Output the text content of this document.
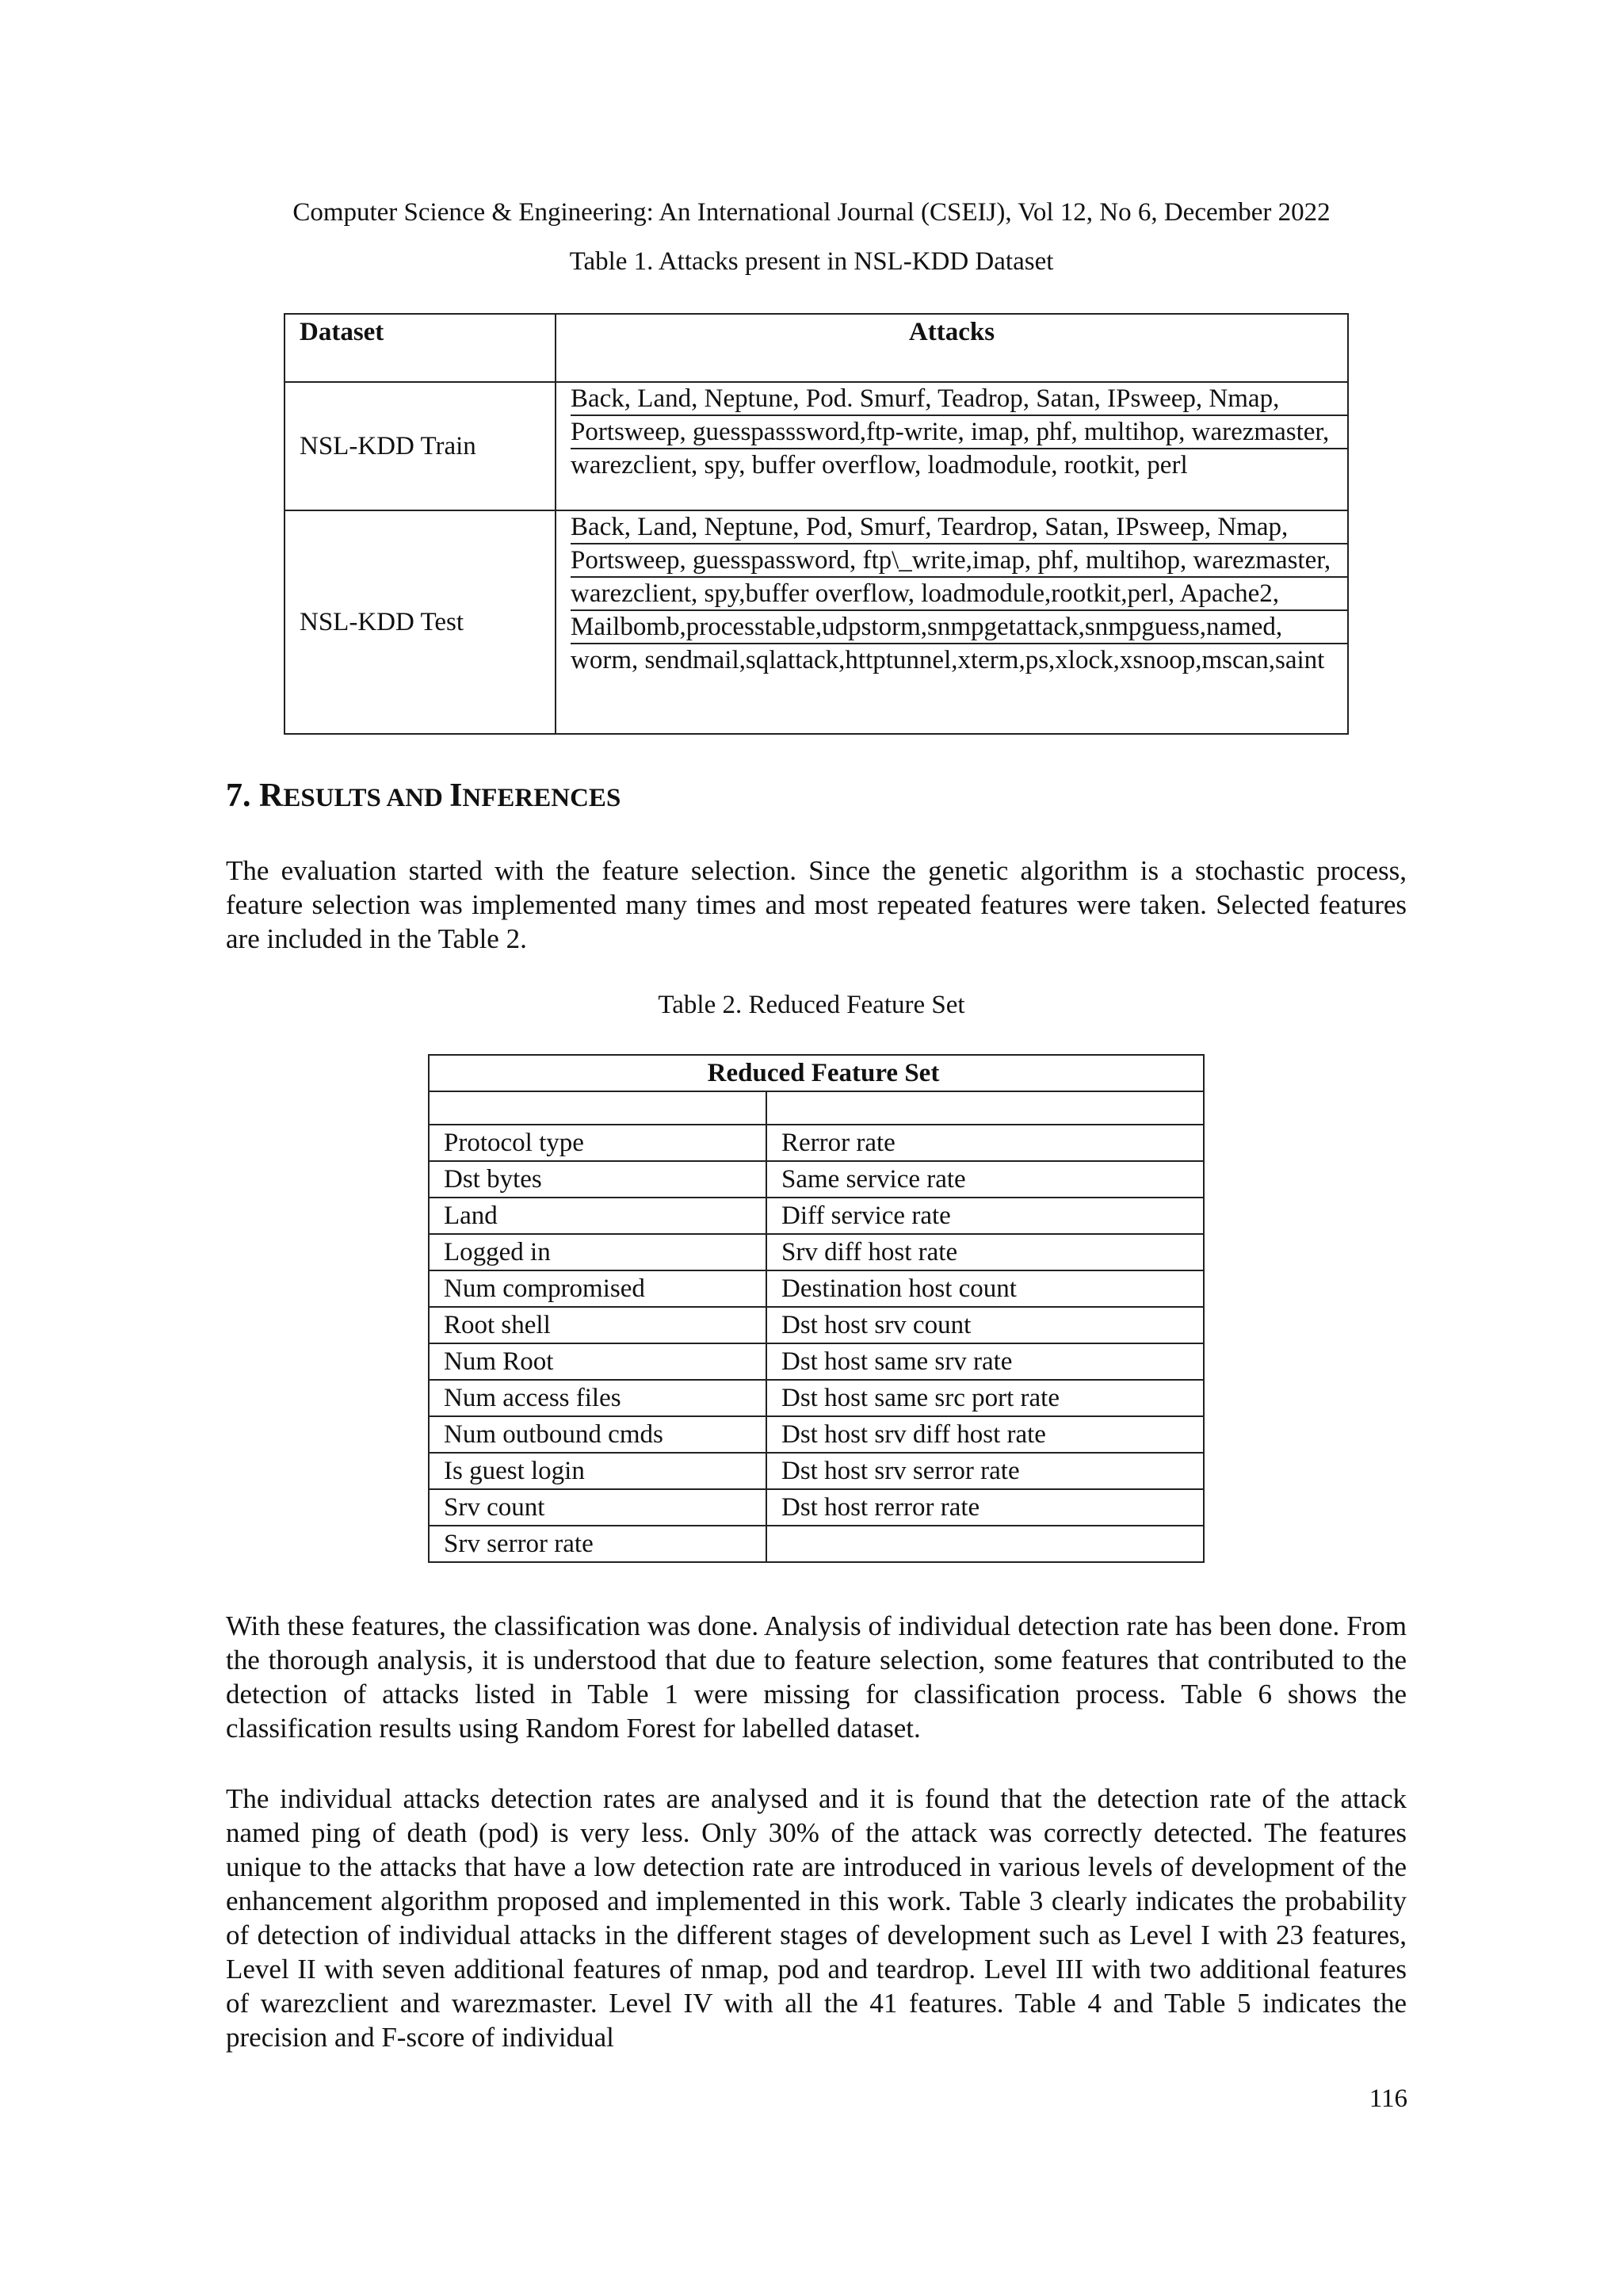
Computer Science & Engineering: An International Journal (CSEIJ), Vol 12, No 6, December 2022
Table 1. Attacks present in NSL-KDD Dataset
Dataset	Attacks
NSL-KDD Train	Back, Land, Neptune, Pod. Smurf, Teadrop, Satan, IPsweep, Nmap,
Portsweep, guesspasssword,ftp-write, imap, phf, multihop, warezmaster,
warezclient, spy, buffer overflow, loadmodule, rootkit, perl

NSL-KDD Test	Back, Land, Neptune, Pod, Smurf, Teardrop, Satan, IPsweep, Nmap,
Portsweep, guesspassword, ftp\_write,imap, phf, multihop, warezmaster,
warezclient, spy,buffer overflow, loadmodule,rootkit,perl, Apache2,
Mailbomb,processtable,udpstorm,snmpgetattack,snmpguess,named,
worm, sendmail,sqlattack,httptunnel,xterm,ps,xlock,xsnoop,mscan,saint
7. RESULTS AND INFERENCES

The evaluation started with the feature selection. Since the genetic algorithm is a stochastic process, feature selection was implemented many times and most repeated features were taken. Selected features are included in the Table 2.

Table 2. Reduced Feature Set
Reduced Feature Set	

Protocol type	Rerror rate
Dst bytes	Same service rate
Land	Diff service rate
Logged in	Srv diff host rate
Num compromised	Destination host count
Root shell	Dst host srv count
Num Root	Dst host same srv rate
Num access files	Dst host same src port rate
Num outbound cmds	Dst host srv diff host rate
Is guest login	Dst host srv serror rate
Srv count	Dst host rerror rate
Srv serror rate	

With these features, the classification was done. Analysis of individual detection rate has been done. From the thorough analysis, it is understood that due to feature selection, some features that contributed to the detection of attacks listed in Table 1 were missing for classification process. Table 6 shows the classification results using Random Forest for labelled dataset.

The individual attacks detection rates are analysed and it is found that the detection rate of the attack named ping of death (pod) is very less. Only 30% of the attack was correctly detected. The features unique to the attacks that have a low detection rate are introduced in various levels of development of the enhancement algorithm proposed and implemented in this work. Table 3 clearly indicates the probability of detection of individual attacks in the different stages of development such as Level I with 23 features, Level II with seven additional features of nmap, pod and teardrop. Level III with two additional features of warezclient and warezmaster. Level IV with all the 41 features. Table 4 and Table 5 indicates the precision and F-score of individual

116
